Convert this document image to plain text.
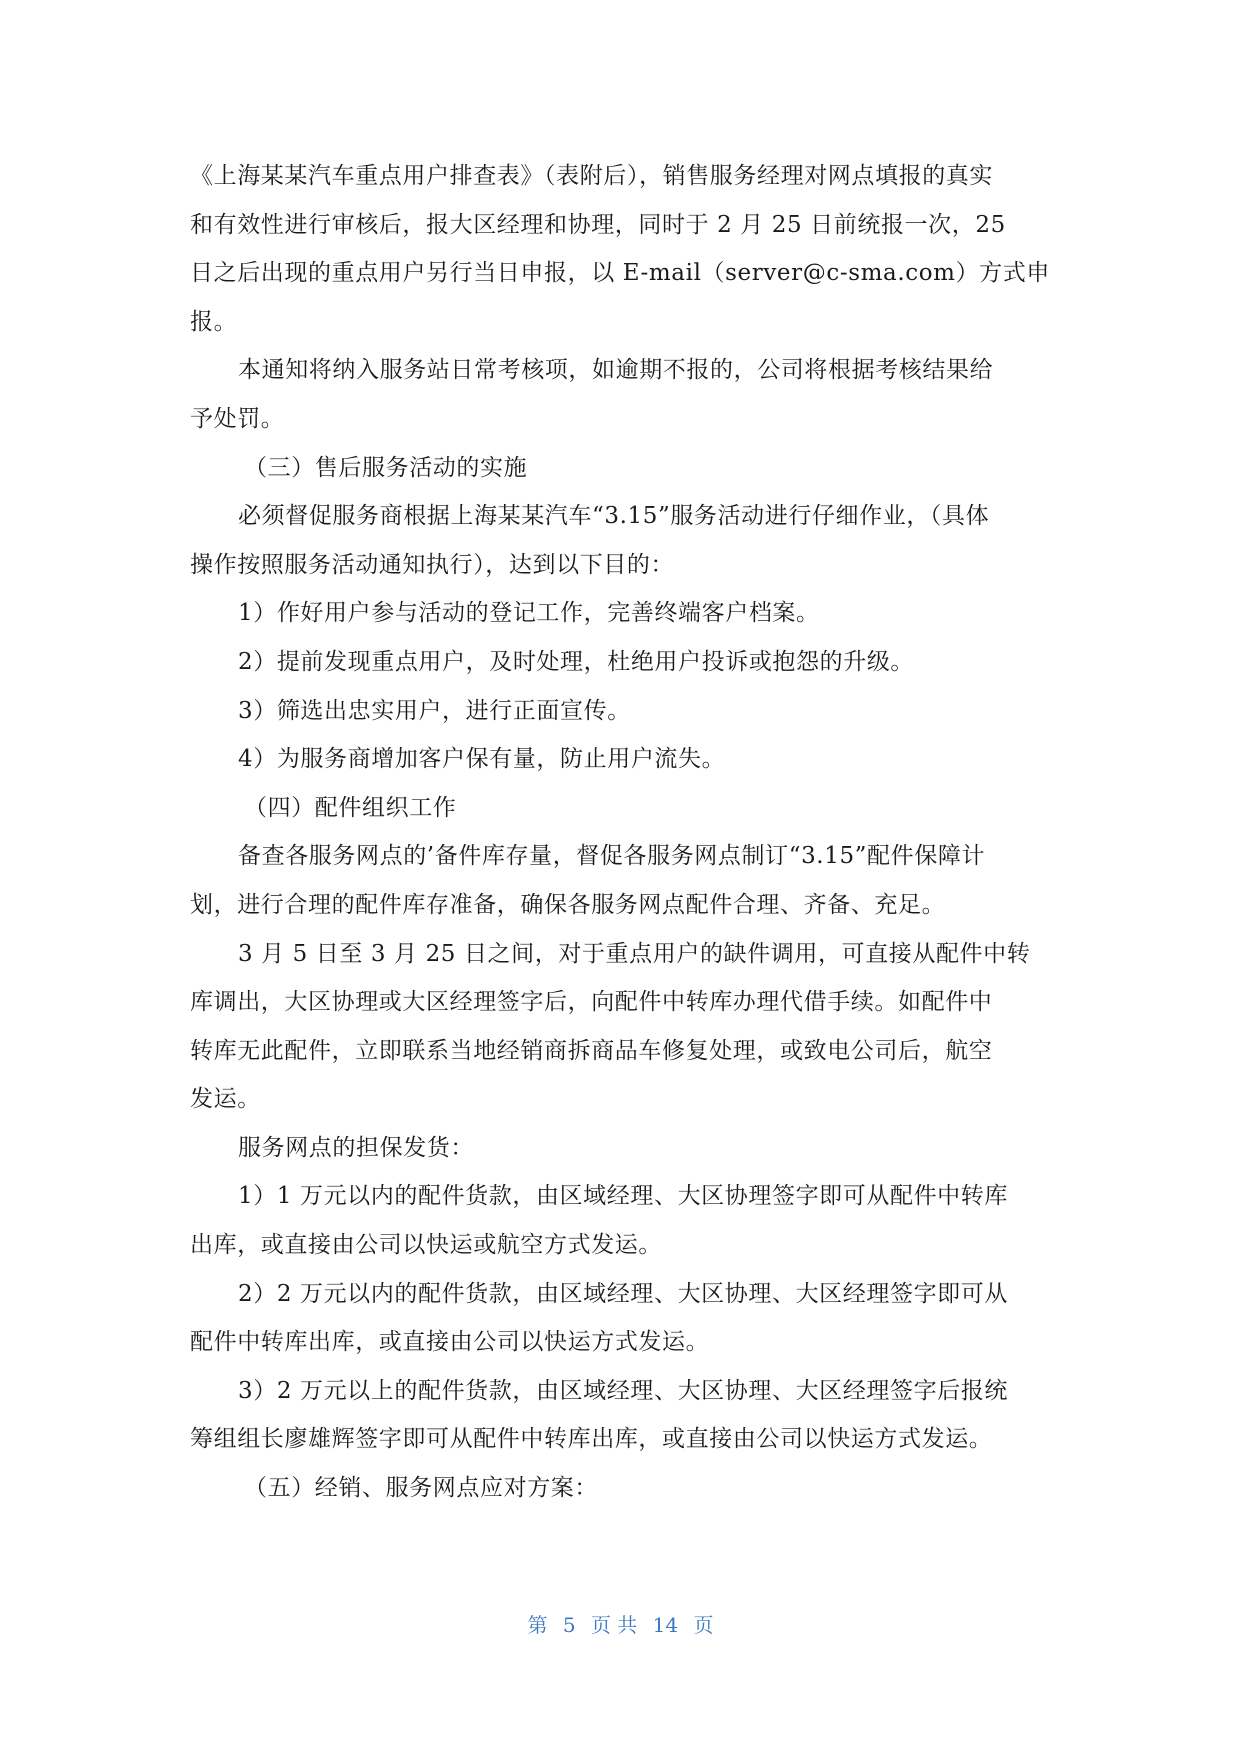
《上海某某汽车重点用户排查表》（表附后），销售服务经理对网点填报的真实
和有效性进行审核后，报大区经理和协理，同时于 2 月 25 日前统报一次，25
日之后出现的重点用户另行当日申报，以 E-mail（server@c-sma.com）方式申
报。
本通知将纳入服务站日常考核项，如逾期不报的，公司将根据考核结果给
予处罚。
（三）售后服务活动的实施
必须督促服务商根据上海某某汽车“3.15”服务活动进行仔细作业，（具体
操作按照服务活动通知执行），达到以下目的：
1）作好用户参与活动的登记工作，完善终端客户档案。
2）提前发现重点用户，及时处理，杜绝用户投诉或抱怨的升级。
3）筛选出忠实用户，进行正面宣传。
4）为服务商增加客户保有量，防止用户流失。
（四）配件组织工作
备查各服务网点的’备件库存量，督促各服务网点制订“3.15”配件保障计
划，进行合理的配件库存准备，确保各服务网点配件合理、齐备、充足。
3 月 5 日至 3 月 25 日之间，对于重点用户的缺件调用，可直接从配件中转
库调出，大区协理或大区经理签字后，向配件中转库办理代借手续。如配件中
转库无此配件，立即联系当地经销商拆商品车修复处理，或致电公司后，航空
发运。
服务网点的担保发货：
1）1 万元以内的配件货款，由区域经理、大区协理签字即可从配件中转库
出库，或直接由公司以快运或航空方式发运。
2）2 万元以内的配件货款，由区域经理、大区协理、大区经理签字即可从
配件中转库出库，或直接由公司以快运方式发运。
3）2 万元以上的配件货款，由区域经理、大区协理、大区经理签字后报统
筹组组长廖雄辉签字即可从配件中转库出库，或直接由公司以快运方式发运。
（五）经销、服务网点应对方案：
第 5 页 共 14 页
